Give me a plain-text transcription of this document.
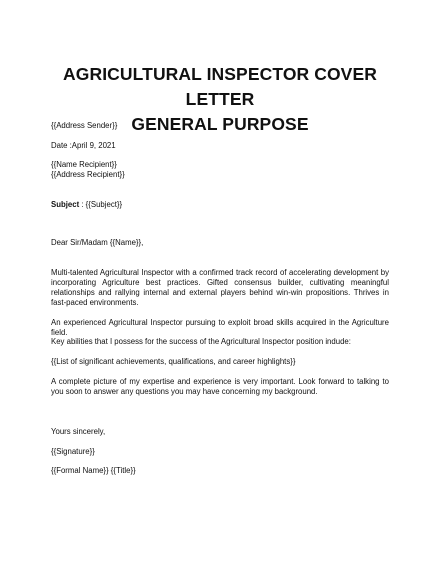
AGRICULTURAL INSPECTOR COVER LETTER
GENERAL PURPOSE
{{Address Sender}}
Date :April 9, 2021
{{Name Recipient}}
{{Address Recipient}}
Subject : {{Subject}}
Dear Sir/Madam {{Name}},
Multi-talented Agricultural Inspector with a confirmed track record of accelerating development by incorporating Agriculture best practices. Gifted consensus builder, cultivating meaningful relationships and rallying internal and external players behind win-win propositions. Thrives in fast-paced environments.
An experienced Agricultural Inspector pursuing to exploit broad skills acquired in the Agriculture field.
Key abilities that I possess for the success of the Agricultural Inspector position indude:
{{List of significant achievements, qualifications, and career highlights}}
A complete picture of my expertise and experience is very important. Look forward to talking to you soon to answer any questions you may have concerning my background.
Yours sincerely,
{{Signature}}
{{Formal Name}} {{Title}}
